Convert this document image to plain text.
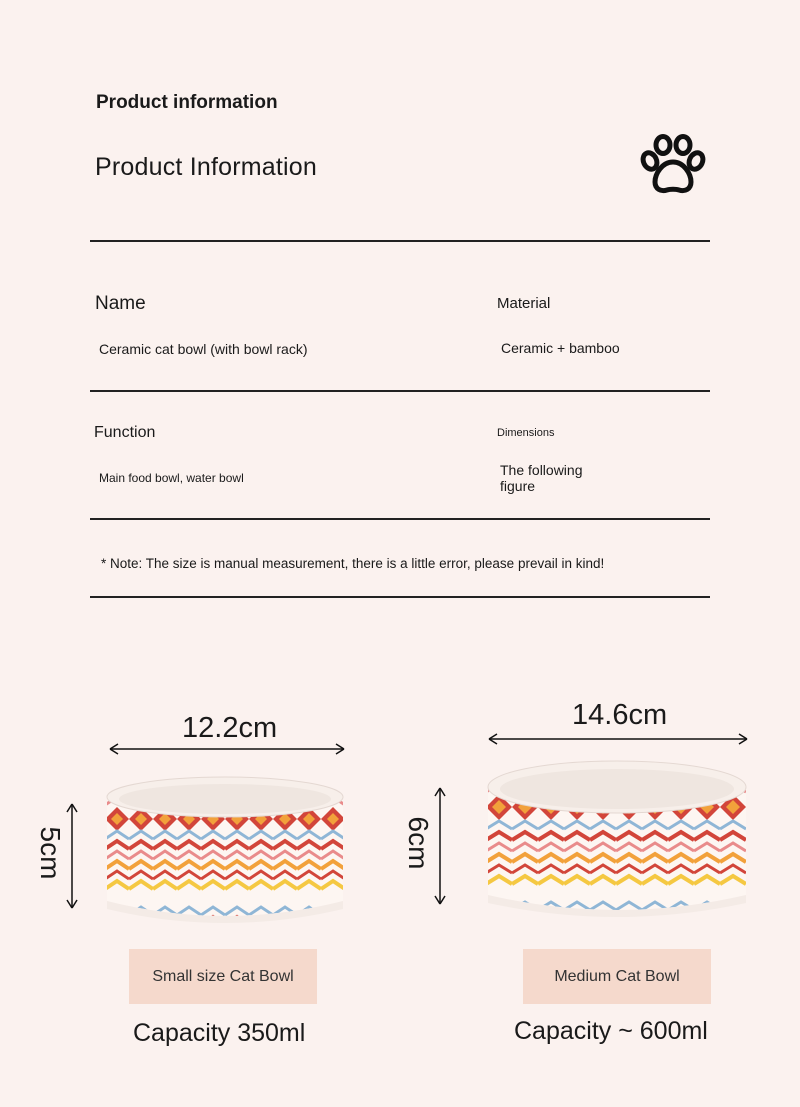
Product information
Product Information
Name
Ceramic cat bowl (with bowl rack)
Material
Ceramic + bamboo
Function
Main food bowl, water bowl
Dimensions
The following
figure
* Note: The size is manual measurement, there is a little error, please prevail in kind!
12.2cm
5cm
14.6cm
6cm
Small size Cat Bowl	Medium Cat Bowl
Capacity 350ml	Capacity ~ 600ml
